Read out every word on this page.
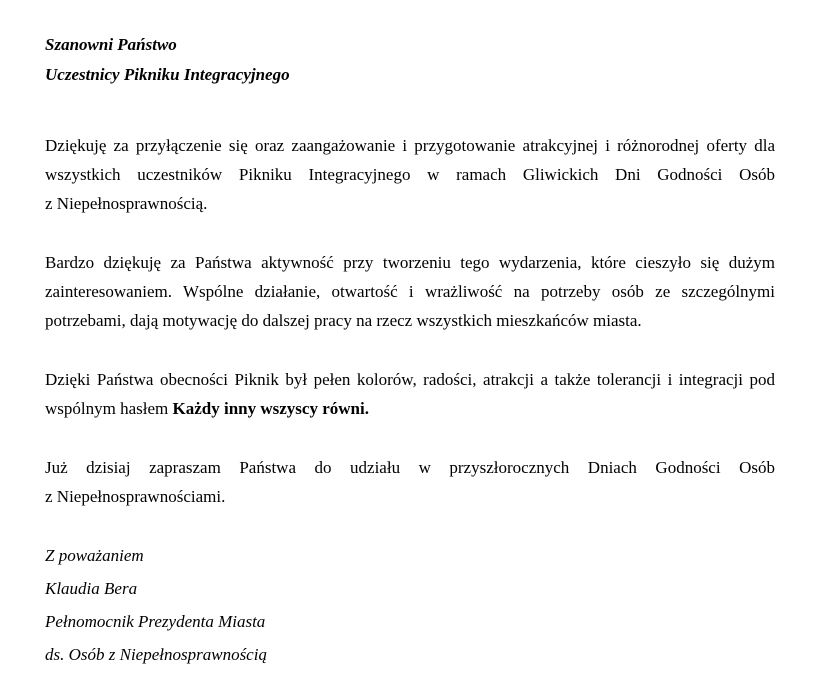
Szanowni Państwo

Uczestnicy Pikniku Integracyjnego

Dziękuję za przyłączenie się oraz zaangażowanie i przygotowanie atrakcyjnej i różnorodnej oferty dla wszystkich uczestników Pikniku Integracyjnego w ramach Gliwickich Dni Godności Osób z Niepełnosprawnością.

Bardzo dziękuję za Państwa aktywność przy tworzeniu tego wydarzenia, które cieszyło się dużym zainteresowaniem. Wspólne działanie, otwartość i wrażliwość na potrzeby osób ze szczególnymi potrzebami, dają motywację do dalszej pracy na rzecz wszystkich mieszkańców miasta.

Dzięki Państwa obecności Piknik był pełen kolorów, radości, atrakcji a także tolerancji i integracji pod wspólnym hasłem Każdy inny wszyscy równi.

Już dzisiaj zapraszam Państwa do udziału w przyszłorocznych Dniach Godności Osób z Niepełnosprawnościami.

Z poważaniem

Klaudia Bera

Pełnomocnik Prezydenta Miasta

ds. Osób z Niepełnosprawnością
